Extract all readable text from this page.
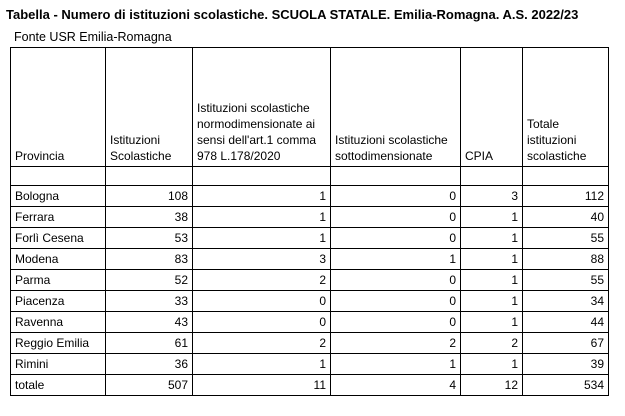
Tabella - Numero di istituzioni scolastiche. SCUOLA STATALE. Emilia-Romagna. A.S. 2022/23
Fonte USR Emilia-Romagna
Provincia	Istituzioni Scolastiche	Istituzioni scolastiche normodimensionate ai sensi dell'art.1 comma 978 L.178/2020	Istituzioni scolastiche sottodimensionate	CPIA	Totale istituzioni scolastiche

Bologna	108	1	0	3	112
Ferrara	38	1	0	1	40
Forlì Cesena	53	1	0	1	55
Modena	83	3	1	1	88
Parma	52	2	0	1	55
Piacenza	33	0	0	1	34
Ravenna	43	0	0	1	44
Reggio Emilia	61	2	2	2	67
Rimini	36	1	1	1	39
totale	507	11	4	12	534
